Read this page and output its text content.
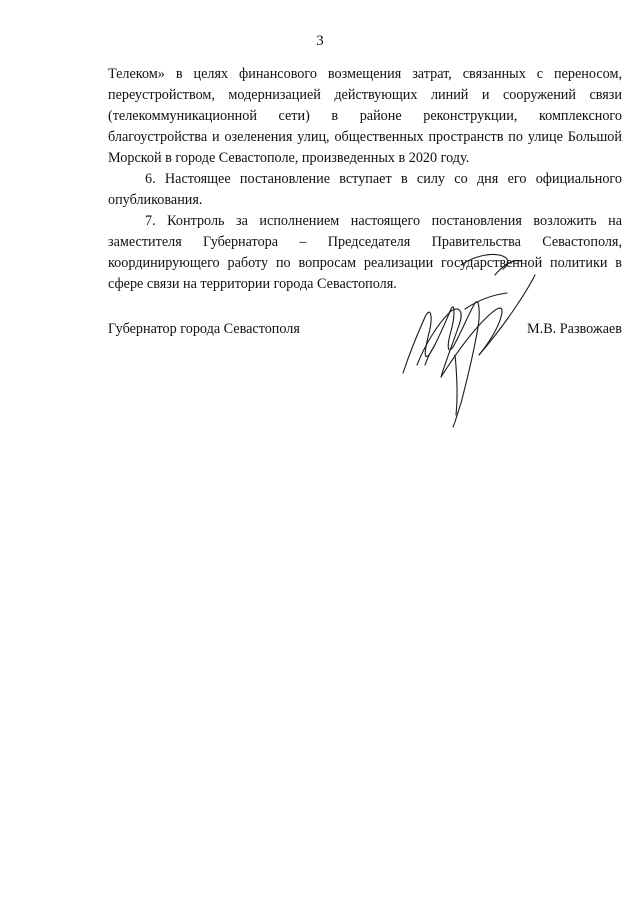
3

Телеком» в целях финансового возмещения затрат, связанных с переносом, переустройством, модернизацией действующих линий и сооружений связи (телекоммуникационной сети) в районе реконструкции, комплексного благоустройства и озеленения улиц, общественных пространств по улице Большой Морской в городе Севастополе, произведенных в 2020 году.

6. Настоящее постановление вступает в силу со дня его официального опубликования.

7. Контроль за исполнением настоящего постановления возложить на заместителя Губернатора – Председателя Правительства Севастополя, координирующего работу по вопросам реализации государственной политики в сфере связи на территории города Севастополя.

Губернатор города Севастополя	М.В. Развожаев
